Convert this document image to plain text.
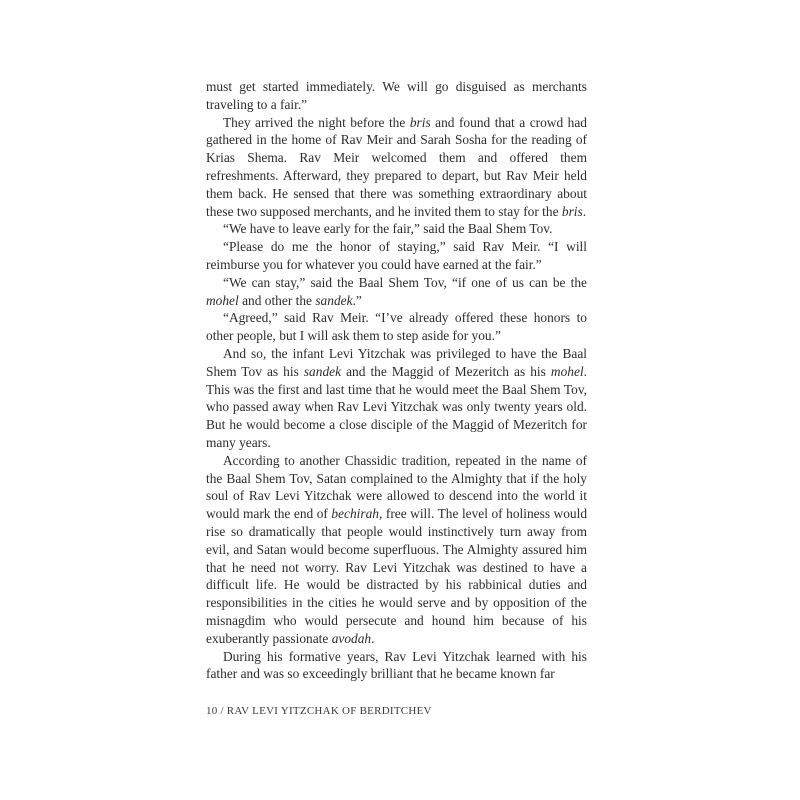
must get started immediately. We will go disguised as merchants traveling to a fair.”

They arrived the night before the bris and found that a crowd had gathered in the home of Rav Meir and Sarah Sosha for the reading of Krias Shema. Rav Meir welcomed them and offered them refreshments. Afterward, they prepared to depart, but Rav Meir held them back. He sensed that there was something extraordinary about these two supposed merchants, and he invited them to stay for the bris.

“We have to leave early for the fair,” said the Baal Shem Tov.

“Please do me the honor of staying,” said Rav Meir. “I will reimburse you for whatever you could have earned at the fair.”

“We can stay,” said the Baal Shem Tov, “if one of us can be the mohel and other the sandek.”

“Agreed,” said Rav Meir. “I’ve already offered these honors to other people, but I will ask them to step aside for you.”

And so, the infant Levi Yitzchak was privileged to have the Baal Shem Tov as his sandek and the Maggid of Mezeritch as his mohel. This was the first and last time that he would meet the Baal Shem Tov, who passed away when Rav Levi Yitzchak was only twenty years old. But he would become a close disciple of the Maggid of Mezeritch for many years.

According to another Chassidic tradition, repeated in the name of the Baal Shem Tov, Satan complained to the Almighty that if the holy soul of Rav Levi Yitzchak were allowed to descend into the world it would mark the end of bechirah, free will. The level of holiness would rise so dramatically that people would instinctively turn away from evil, and Satan would become superfluous. The Almighty assured him that he need not worry. Rav Levi Yitzchak was destined to have a difficult life. He would be distracted by his rabbinical duties and responsibilities in the cities he would serve and by opposition of the misnagdim who would persecute and hound him because of his exuberantly passionate avodah.

During his formative years, Rav Levi Yitzchak learned with his father and was so exceedingly brilliant that he became known far

10 / RAV LEVI YITZCHAK OF BERDITCHEV
